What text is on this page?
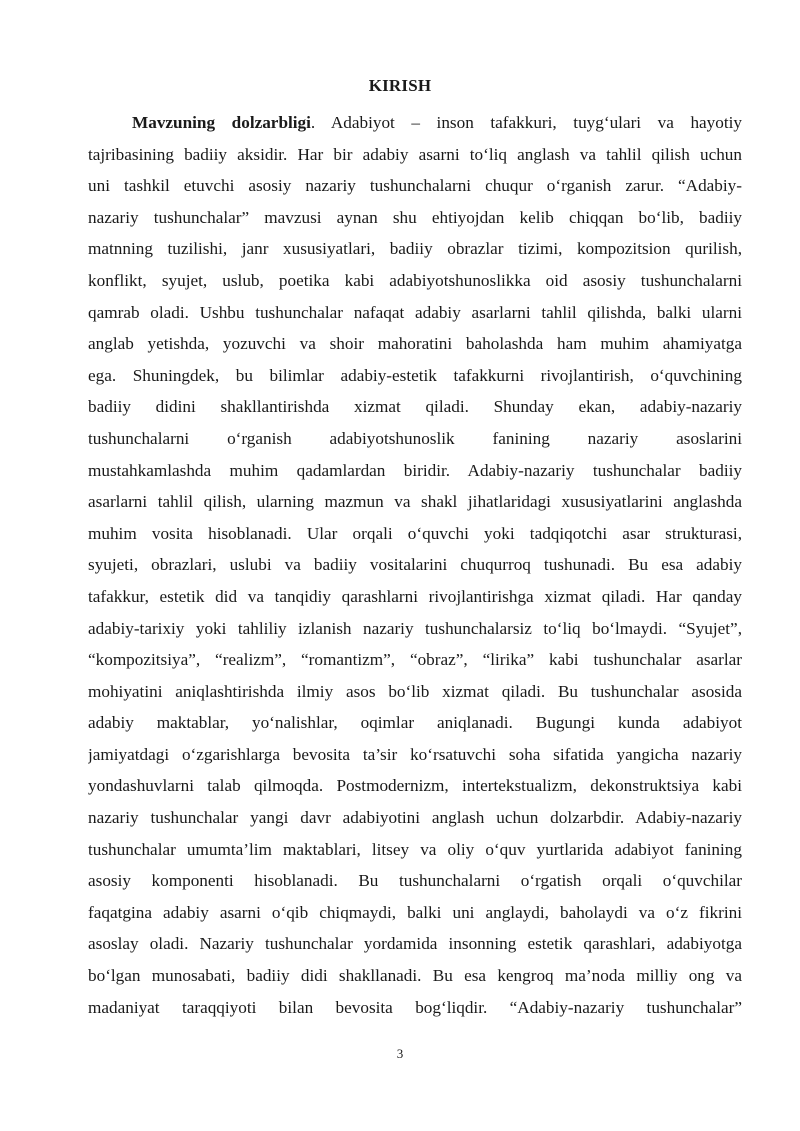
KIRISH
Mavzuning dolzarbligi. Adabiyot – inson tafakkuri, tuyg‘ulari va hayotiy
tajribasining badiiy aksidir. Har bir adabiy asarni to‘liq anglash va tahlil qilish uchun
uni tashkil etuvchi asosiy nazariy tushunchalarni chuqur o‘rganish zarur. “Adabiy-
nazariy tushunchalar” mavzusi aynan shu ehtiyojdan kelib chiqqan bo‘lib, badiiy
matnning tuzilishi, janr xususiyatlari, badiiy obrazlar tizimi, kompozitsion qurilish,
konflikt, syujet, uslub, poetika kabi adabiyotshunoslikka oid asosiy tushunchalarni
qamrab oladi. Ushbu tushunchalar nafaqat adabiy asarlarni tahlil qilishda, balki ularni
anglab yetishda, yozuvchi va shoir mahoratini baholashda ham muhim ahamiyatga
ega. Shuningdek, bu bilimlar adabiy-estetik tafakkurni rivojlantirish, o‘quvchining
badiiy didini shakllantirishda xizmat qiladi. Shunday ekan, adabiy-nazariy
tushunchalarni o‘rganish adabiyotshunoslik fanining nazariy asoslarini
mustahkamlashda muhim qadamlardan biridir. Adabiy-nazariy tushunchalar badiiy
asarlarni tahlil qilish, ularning mazmun va shakl jihatlaridagi xususiyatlarini anglashda
muhim vosita hisoblanadi. Ular orqali o‘quvchi yoki tadqiqotchi asar strukturasi,
syujeti, obrazlari, uslubi va badiiy vositalarini chuqurroq tushunadi. Bu esa adabiy
tafakkur, estetik did va tanqidiy qarashlarni rivojlantirishga xizmat qiladi. Har qanday
adabiy-tarixiy yoki tahliliy izlanish nazariy tushunchalarsiz to‘liq bo‘lmaydi. “Syujet”,
“kompozitsiya”, “realizm”, “romantizm”, “obraz”, “lirika” kabi tushunchalar asarlar
mohiyatini aniqlashtirishda ilmiy asos bo‘lib xizmat qiladi. Bu tushunchalar asosida
adabiy maktablar, yo‘nalishlar, oqimlar aniqlanadi. Bugungi kunda adabiyot
jamiyatdagi o‘zgarishlarga bevosita ta’sir ko‘rsatuvchi soha sifatida yangicha nazariy
yondashuvlarni talab qilmoqda. Postmodernizm, intertekstualizm, dekonstruktsiya kabi
nazariy tushunchalar yangi davr adabiyotini anglash uchun dolzarbdir. Adabiy-nazariy
tushunchalar umumta’lim maktablari, litsey va oliy o‘quv yurtlarida adabiyot fanining
asosiy komponenti hisoblanadi. Bu tushunchalarni o‘rgatish orqali o‘quvchilar
faqatgina adabiy asarni o‘qib chiqmaydi, balki uni anglaydi, baholaydi va o‘z fikrini
asoslay oladi. Nazariy tushunchalar yordamida insonning estetik qarashlari, adabiyotga
bo‘lgan munosabati, badiiy didi shakllanadi. Bu esa kengroq ma’noda milliy ong va
madaniyat taraqqiyoti bilan bevosita bog‘liqdir. “Adabiy-nazariy tushunchalar”
3
